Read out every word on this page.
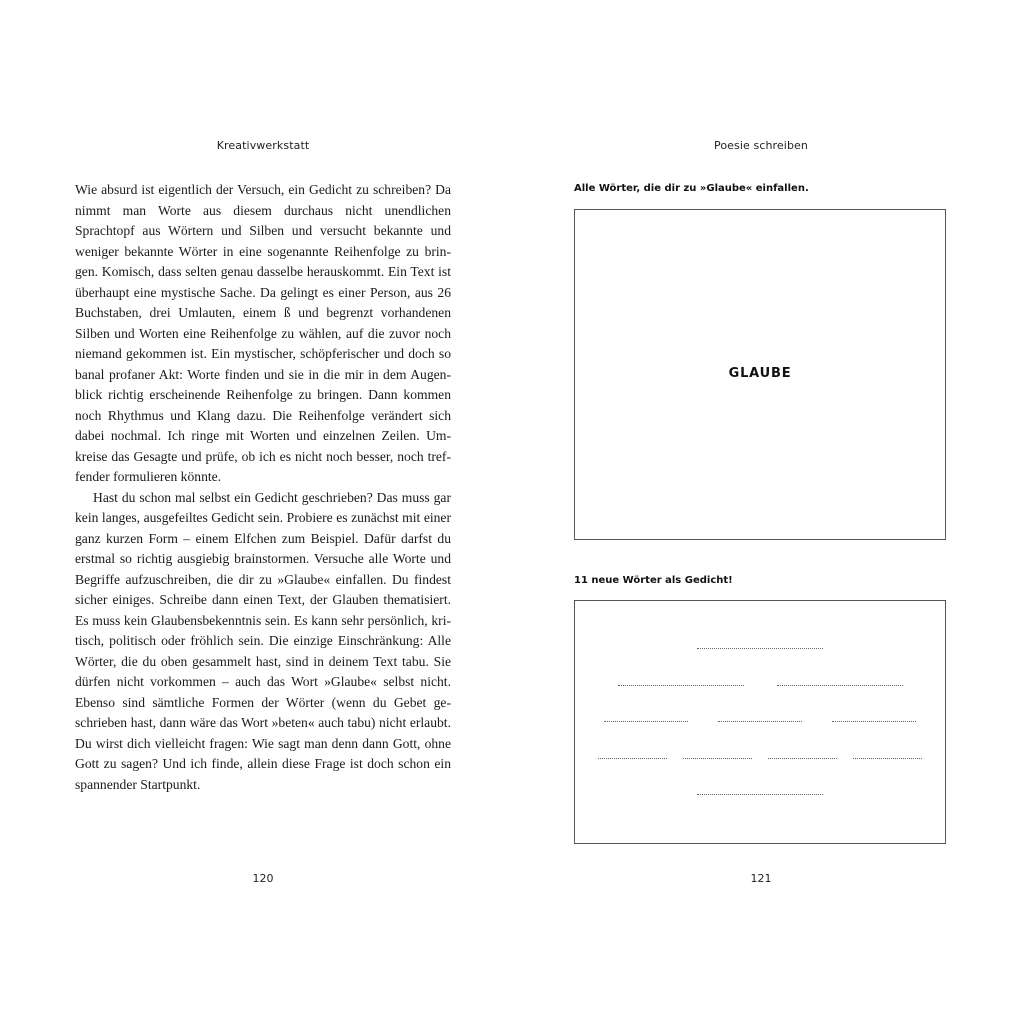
Kreativwerkstatt

Wie absurd ist eigentlich der Versuch, ein Gedicht zu schreiben? Da nimmt man Worte aus diesem durchaus nicht unendlichen Sprachtopf aus Wörtern und Silben und versucht bekannte und weniger bekannte Wörter in eine sogenannte Reihenfolge zu bringen. Komisch, dass selten genau dasselbe herauskommt. Ein Text ist überhaupt eine mystische Sache. Da gelingt es einer Person, aus 26 Buchstaben, drei Umlauten, einem ß und begrenzt vorhandenen Silben und Worten eine Reihenfolge zu wählen, auf die zuvor noch niemand gekommen ist. Ein mystischer, schöpferischer und doch so banal profaner Akt: Worte finden und sie in die mir in dem Augenblick richtig erscheinende Reihenfolge zu bringen. Dann kommen noch Rhythmus und Klang dazu. Die Reihenfolge verändert sich dabei nochmal. Ich ringe mit Worten und einzelnen Zeilen. Umkreise das Gesagte und prüfe, ob ich es nicht noch besser, noch treffender formulieren könnte.

Hast du schon mal selbst ein Gedicht geschrieben? Das muss gar kein langes, ausgefeiltes Gedicht sein. Probiere es zunächst mit einer ganz kurzen Form – einem Elfchen zum Beispiel. Dafür darfst du erstmal so richtig ausgiebig brainstormen. Versuche alle Worte und Begriffe aufzuschreiben, die dir zu »Glaube« einfallen. Du findest sicher einiges. Schreibe dann einen Text, der Glauben thematisiert. Es muss kein Glaubensbekenntnis sein. Es kann sehr persönlich, kritisch, politisch oder fröhlich sein. Die einzige Einschränkung: Alle Wörter, die du oben gesammelt hast, sind in deinem Text tabu. Sie dürfen nicht vorkommen – auch das Wort »Glaube« selbst nicht. Ebenso sind sämtliche Formen der Wörter (wenn du Gebet geschrieben hast, dann wäre das Wort »beten« auch tabu) nicht erlaubt. Du wirst dich vielleicht fragen: Wie sagt man denn dann Gott, ohne Gott zu sagen? Und ich finde, allein diese Frage ist doch schon ein spannender Startpunkt.

120
Poesie schreiben
Alle Wörter, die dir zu »Glaube« einfallen.
GLAUBE
11 neue Wörter als Gedicht!
121
